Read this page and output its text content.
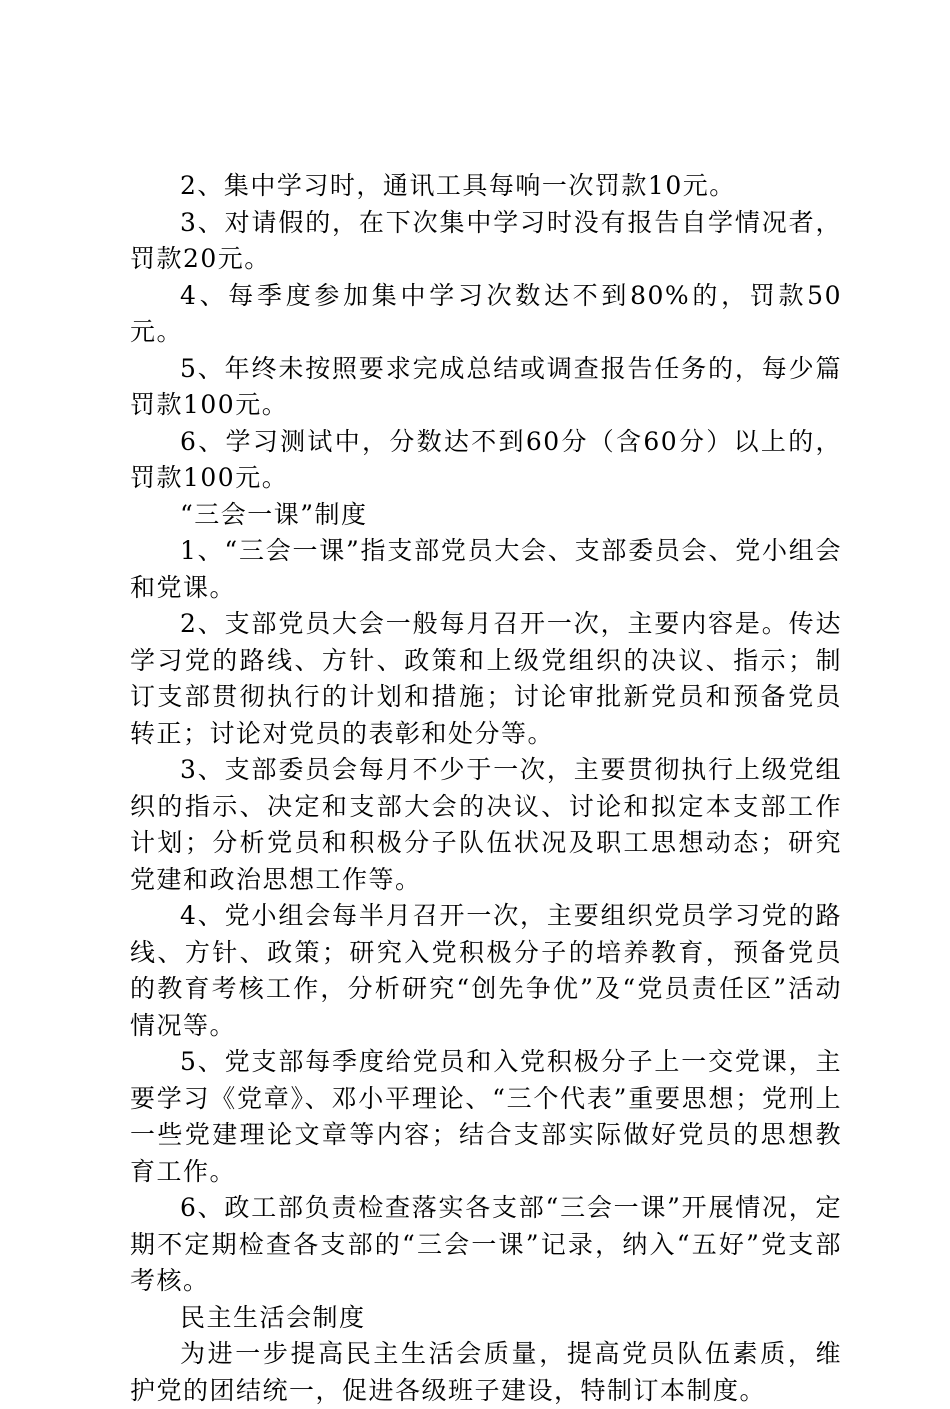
2、集中学习时，通讯工具每响一次罚款10元。

3、对请假的，在下次集中学习时没有报告自学情况者，罚款20元。

4、每季度参加集中学习次数达不到80%的，罚款50元。

5、年终未按照要求完成总结或调查报告任务的，每少篇罚款100元。

6、学习测试中，分数达不到60分（含60分）以上的，罚款100元。

“三会一课”制度

1、“三会一课”指支部党员大会、支部委员会、党小组会和党课。

2、支部党员大会一般每月召开一次，主要内容是。传达学习党的路线、方针、政策和上级党组织的决议、指示；制订支部贯彻执行的计划和措施；讨论审批新党员和预备党员转正；讨论对党员的表彰和处分等。

3、支部委员会每月不少于一次，主要贯彻执行上级党组织的指示、决定和支部大会的决议、讨论和拟定本支部工作计划；分析党员和积极分子队伍状况及职工思想动态；研究党建和政治思想工作等。

4、党小组会每半月召开一次，主要组织党员学习党的路线、方针、政策；研究入党积极分子的培养教育，预备党员的教育考核工作，分析研究“创先争优”及“党员责任区”活动情况等。

5、党支部每季度给党员和入党积极分子上一交党课，主要学习《党章》、邓小平理论、“三个代表”重要思想；党刑上一些党建理论文章等内容；结合支部实际做好党员的思想教育工作。

6、政工部负责检查落实各支部“三会一课”开展情况，定期不定期检查各支部的“三会一课”记录，纳入“五好”党支部考核。

民主生活会制度

为进一步提高民主生活会质量，提高党员队伍素质，维护党的团结统一，促进各级班子建设，特制订本制度。
